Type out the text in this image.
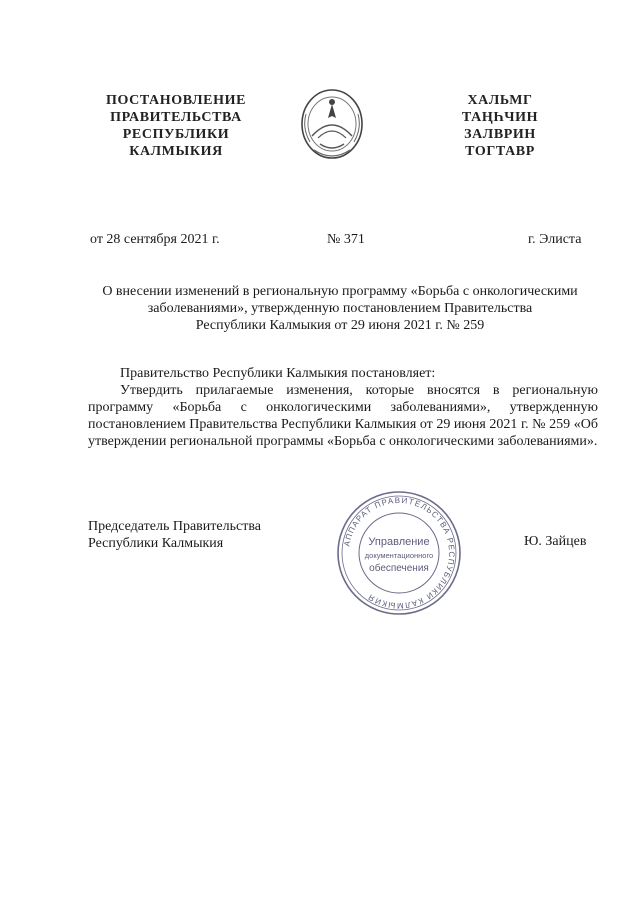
ПОСТАНОВЛЕНИЕ
ПРАВИТЕЛЬСТВА
РЕСПУБЛИКИ
КАЛМЫКИЯ
ХАЛЬМГ
ТАҢҺЧИН
ЗАЛВРИН
ТОГТАВР
от 28 сентября 2021 г.	№ 371	г. Элиста
О внесении изменений в региональную программу «Борьба с онкологическими
заболеваниями», утвержденную постановлением Правительства
Республики Калмыкия от 29 июня 2021 г. № 259

Правительство Республики Калмыкия постановляет:

Утвердить прилагаемые изменения, которые вносятся в региональную программу «Борьба с онкологическими заболеваниями», утвержденную постановлением Правительства Республики Калмыкия от 29 июня 2021 г. № 259 «Об утверждении региональной программы «Борьба с онкологическими заболеваниями».

Председатель Правительства
Республики Калмыкия	АППАРАТ ПРАВИТЕЛЬСТВА РЕСПУБЛИКИ КАЛМЫКИЯ
Управление
документационного
обеспечения
Ю. Зайцев
